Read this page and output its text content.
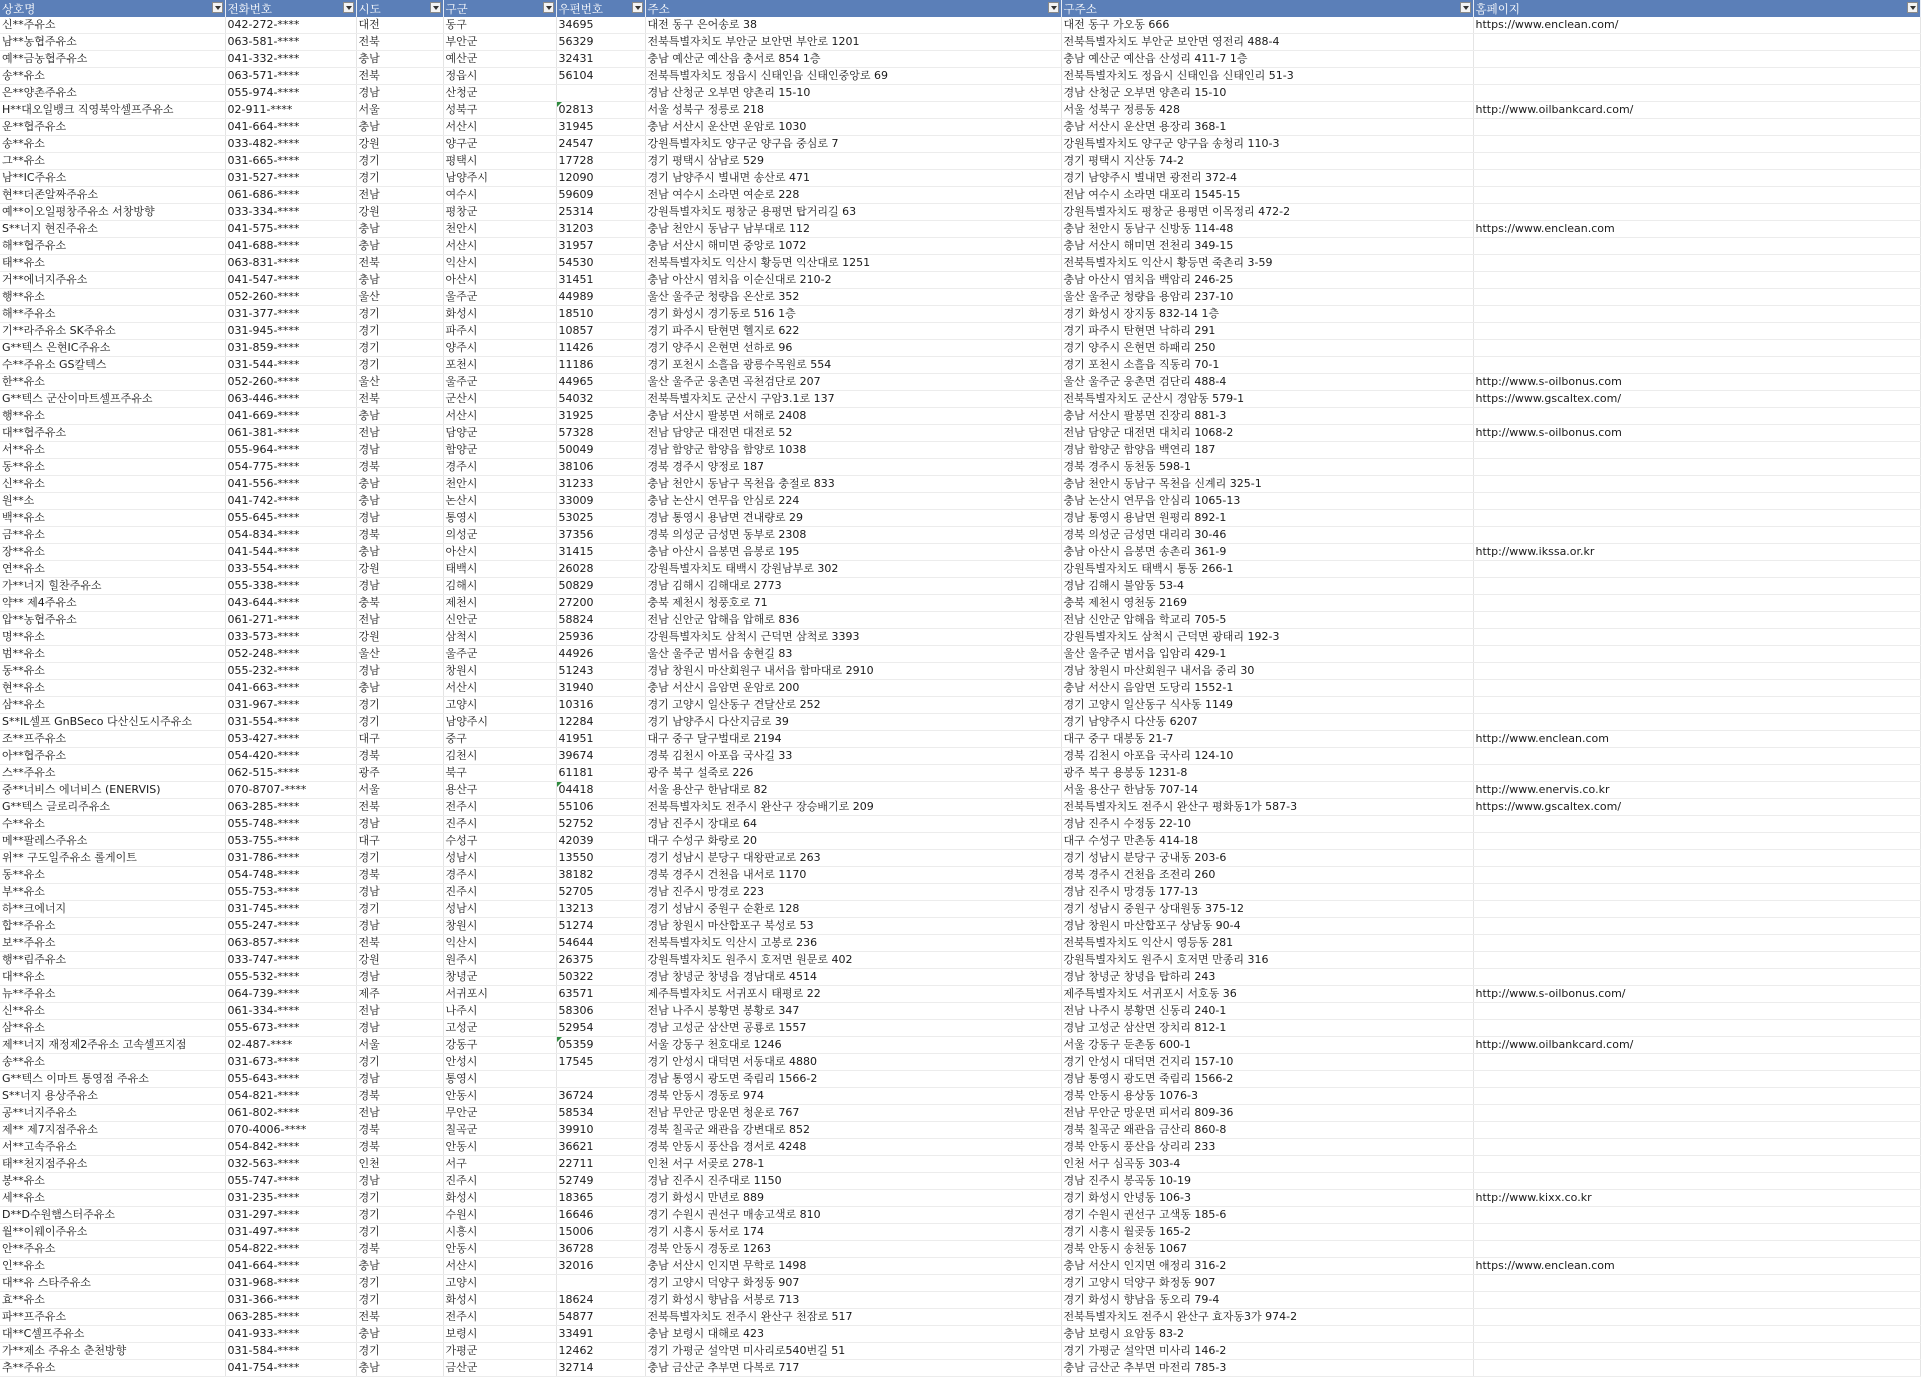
상호명	전화번호	시도	구군	우편번호	주소	구주소	홈페이지

신**주유소	042-272-****	대전	동구	34695	대전 동구 은어송로 38	대전 동구 가오동 666	https://www.enclean.com/
남**농협주유소	063-581-****	전북	부안군	56329	전북특별자치도 부안군 보안면 부안로 1201	전북특별자치도 부안군 보안면 영전리 488-4	
예**금농협주유소	041-332-****	충남	예산군	32431	충남 예산군 예산읍 충서로 854 1층	충남 예산군 예산읍 산성리 411-7 1층	
송**유소	063-571-****	전북	정읍시	56104	전북특별자치도 정읍시 신태인읍 신태인중앙로 69	전북특별자치도 정읍시 신태인읍 신태인리 51-3	
은**양촌주유소	055-974-****	경남	산청군		경남 산청군 오부면 양촌리 15-10	경남 산청군 오부면 양촌리 15-10	
H**대오일뱅크 직영북악셀프주유소	02-911-****	서울	성북구	02813	서울 성북구 정릉로 218	서울 성북구 정릉동 428	http://www.oilbankcard.com/
운**협주유소	041-664-****	충남	서산시	31945	충남 서산시 운산면 운암로 1030	충남 서산시 운산면 용장리 368-1	
송**유소	033-482-****	강원	양구군	24547	강원특별자치도 양구군 양구읍 중심로 7	강원특별자치도 양구군 양구읍 송청리 110-3	
그**유소	031-665-****	경기	평택시	17728	경기 평택시 삼남로 529	경기 평택시 지산동 74-2	
남**IC주유소	031-527-****	경기	남양주시	12090	경기 남양주시 별내면 송산로 471	경기 남양주시 별내면 광전리 372-4	
현**더존알짜주유소	061-686-****	전남	여수시	59609	전남 여수시 소라면 여순로 228	전남 여수시 소라면 대포리 1545-15	
예**이오일평창주유소 서창방향	033-334-****	강원	평창군	25314	강원특별자치도 평창군 용평면 탑거리길 63	강원특별자치도 평창군 용평면 이목정리 472-2	
S**너지 현진주유소	041-575-****	충남	천안시	31203	충남 천안시 동남구 남부대로 112	충남 천안시 동남구 신방동 114-48	https://www.enclean.com
해**협주유소	041-688-****	충남	서산시	31957	충남 서산시 해미면 중앙로 1072	충남 서산시 해미면 전천리 349-15	
태**유소	063-831-****	전북	익산시	54530	전북특별자치도 익산시 황등면 익산대로 1251	전북특별자치도 익산시 황등면 죽촌리 3-59	
거**에너지주유소	041-547-****	충남	아산시	31451	충남 아산시 염치읍 이순신대로 210-2	충남 아산시 염치읍 백암리 246-25	
행**유소	052-260-****	울산	울주군	44989	울산 울주군 청량읍 온산로 352	울산 울주군 청량읍 용암리 237-10	
해**주유소	031-377-****	경기	화성시	18510	경기 화성시 경기동로 516 1층	경기 화성시 장지동 832-14 1층	
기**라주유소 SK주유소	031-945-****	경기	파주시	10857	경기 파주시 탄현면 헬지로 622	경기 파주시 탄현면 낙하리 291	
G**텍스 은현IC주유소	031-859-****	경기	양주시	11426	경기 양주시 은현면 선하로 96	경기 양주시 은현면 하패리 250	
수**주유소 GS칼텍스	031-544-****	경기	포천시	11186	경기 포천시 소흘읍 광릉수목원로 554	경기 포천시 소흘읍 직동리 70-1	
한**유소	052-260-****	울산	울주군	44965	울산 울주군 웅촌면 곡천검단로 207	울산 울주군 웅촌면 검단리 488-4	http://www.s-oilbonus.com
G**텍스 군산이마트셀프주유소	063-446-****	전북	군산시	54032	전북특별자치도 군산시 구암3.1로 137	전북특별자치도 군산시 경암동 579-1	https://www.gscaltex.com/
행**유소	041-669-****	충남	서산시	31925	충남 서산시 팔봉면 서해로 2408	충남 서산시 팔봉면 진장리 881-3	
대**협주유소	061-381-****	전남	담양군	57328	전남 담양군 대전면 대전로 52	전남 담양군 대전면 대치리 1068-2	http://www.s-oilbonus.com
서**유소	055-964-****	경남	함양군	50049	경남 함양군 함양읍 함양로 1038	경남 함양군 함양읍 백연리 187	
동**유소	054-775-****	경북	경주시	38106	경북 경주시 양정로 187	경북 경주시 동천동 598-1	
신**유소	041-556-****	충남	천안시	31233	충남 천안시 동남구 목천읍 충절로 833	충남 천안시 동남구 목천읍 신계리 325-1	
원**소	041-742-****	충남	논산시	33009	충남 논산시 연무읍 안심로 224	충남 논산시 연무읍 안심리 1065-13	
백**유소	055-645-****	경남	통영시	53025	경남 통영시 용남면 견내량로 29	경남 통영시 용남면 원평리 892-1	
금**유소	054-834-****	경북	의성군	37356	경북 의성군 금성면 동부로 2308	경북 의성군 금성면 대리리 30-46	
장**유소	041-544-****	충남	아산시	31415	충남 아산시 음봉면 음봉로 195	충남 아산시 음봉면 송촌리 361-9	http://www.ikssa.or.kr
연**유소	033-554-****	강원	태백시	26028	강원특별자치도 태백시 강원남부로 302	강원특별자치도 태백시 통동 266-1	
가**너지 힐찬주유소	055-338-****	경남	김해시	50829	경남 김해시 김해대로 2773	경남 김해시 불암동 53-4	
약** 제4주유소	043-644-****	충북	제천시	27200	충북 제천시 청풍호로 71	충북 제천시 영천동 2169	
압**농협주유소	061-271-****	전남	신안군	58824	전남 신안군 압해읍 압해로 836	전남 신안군 압해읍 학교리 705-5	
명**유소	033-573-****	강원	삼척시	25936	강원특별자치도 삼척시 근덕면 삼척로 3393	강원특별자치도 삼척시 근덕면 광태리 192-3	
범**유소	052-248-****	울산	울주군	44926	울산 울주군 범서읍 송현길 83	울산 울주군 범서읍 입암리 429-1	
동**유소	055-232-****	경남	창원시	51243	경남 창원시 마산회원구 내서읍 함마대로 2910	경남 창원시 마산회원구 내서읍 중리 30	
현**유소	041-663-****	충남	서산시	31940	충남 서산시 음암면 운암로 200	충남 서산시 음암면 도당리 1552-1	
삼**유소	031-967-****	경기	고양시	10316	경기 고양시 일산동구 견달산로 252	경기 고양시 일산동구 식사동 1149	
S**IL셀프 GnBSeco 다산신도시주유소	031-554-****	경기	남양주시	12284	경기 남양주시 다산지금로 39	경기 남양주시 다산동 6207	
조**프주유소	053-427-****	대구	중구	41951	대구 중구 달구벌대로 2194	대구 중구 대봉동 21-7	http://www.enclean.com
아**협주유소	054-420-****	경북	김천시	39674	경북 김천시 아포읍 국사길 33	경북 김천시 아포읍 국사리 124-10	
스**주유소	062-515-****	광주	북구	61181	광주 북구 설죽로 226	광주 북구 용봉동 1231-8	
중**너비스 에너비스 (ENERVIS)	070-8707-****	서울	용산구	04418	서울 용산구 한남대로 82	서울 용산구 한남동 707-14	http://www.enervis.co.kr
G**텍스 글로리주유소	063-285-****	전북	전주시	55106	전북특별자치도 전주시 완산구 장승배기로 209	전북특별자치도 전주시 완산구 평화동1가 587-3	https://www.gscaltex.com/
수**유소	055-748-****	경남	진주시	52752	경남 진주시 장대로 64	경남 진주시 수정동 22-10	
메**팔레스주유소	053-755-****	대구	수성구	42039	대구 수성구 화랑로 20	대구 수성구 만촌동 414-18	
위** 구도일주유소 롤게이트	031-786-****	경기	성남시	13550	경기 성남시 분당구 대왕판교로 263	경기 성남시 분당구 궁내동 203-6	
동**유소	054-748-****	경북	경주시	38182	경북 경주시 건천읍 내서로 1170	경북 경주시 건천읍 조전리 260	
부**유소	055-753-****	경남	진주시	52705	경남 진주시 망경로 223	경남 진주시 망경동 177-13	
하**크에너지	031-745-****	경기	성남시	13213	경기 성남시 중원구 순환로 128	경기 성남시 중원구 상대원동 375-12	
합**주유소	055-247-****	경남	창원시	51274	경남 창원시 마산합포구 북성로 53	경남 창원시 마산합포구 상남동 90-4	
보**주유소	063-857-****	전북	익산시	54644	전북특별자치도 익산시 고봉로 236	전북특별자치도 익산시 영등동 281	
행**림주유소	033-747-****	강원	원주시	26375	강원특별자치도 원주시 호저면 원문로 402	강원특별자치도 원주시 호저면 만종리 316	
대**유소	055-532-****	경남	창녕군	50322	경남 창녕군 창녕읍 경남대로 4514	경남 창녕군 창녕읍 탑하리 243	
뉴**주유소	064-739-****	제주	서귀포시	63571	제주특별자치도 서귀포시 태평로 22	제주특별자치도 서귀포시 서호동 36	http://www.s-oilbonus.com/
신**유소	061-334-****	전남	나주시	58306	전남 나주시 봉황면 봉황로 347	전남 나주시 봉황면 신동리 240-1	
삼**유소	055-673-****	경남	고성군	52954	경남 고성군 삼산면 공룡로 1557	경남 고성군 삼산면 장치리 812-1	
제**너지 재정제2주유소 고속셀프지점	02-487-****	서울	강동구	05359	서울 강동구 천호대로 1246	서울 강동구 둔촌동 600-1	http://www.oilbankcard.com/
송**유소	031-673-****	경기	안성시	17545	경기 안성시 대덕면 서동대로 4880	경기 안성시 대덕면 건지리 157-10	
G**텍스 이마트 통영점 주유소	055-643-****	경남	통영시		경남 통영시 광도면 죽림리 1566-2	경남 통영시 광도면 죽림리 1566-2	
S**너지 용상주유소	054-821-****	경북	안동시	36724	경북 안동시 경동로 974	경북 안동시 용상동 1076-3	
공**너지주유소	061-802-****	전남	무안군	58534	전남 무안군 망운면 청운로 767	전남 무안군 망운면 피서리 809-36	
제** 제7지점주유소	070-4006-****	경북	칠곡군	39910	경북 칠곡군 왜관읍 강변대로 852	경북 칠곡군 왜관읍 금산리 860-8	
서**고속주유소	054-842-****	경북	안동시	36621	경북 안동시 풍산읍 경서로 4248	경북 안동시 풍산읍 상리리 233	
태**천지점주유소	032-563-****	인천	서구	22711	인천 서구 서곶로 278-1	인천 서구 심곡동 303-4	
봉**유소	055-747-****	경남	진주시	52749	경남 진주시 진주대로 1150	경남 진주시 봉곡동 10-19	
세**유소	031-235-****	경기	화성시	18365	경기 화성시 만년로 889	경기 화성시 안녕동 106-3	http://www.kixx.co.kr
D**D수원햄스터주유소	031-297-****	경기	수원시	16646	경기 수원시 권선구 매송고색로 810	경기 수원시 권선구 고색동 185-6	
월**이웨이주유소	031-497-****	경기	시흥시	15006	경기 시흥시 동서로 174	경기 시흥시 월곶동 165-2	
안**주유소	054-822-****	경북	안동시	36728	경북 안동시 경동로 1263	경북 안동시 송천동 1067	
인**유소	041-664-****	충남	서산시	32016	충남 서산시 인지면 무학로 1498	충남 서산시 인지면 애정리 316-2	https://www.enclean.com
대**유 스타주유소	031-968-****	경기	고양시		경기 고양시 덕양구 화정동 907	경기 고양시 덕양구 화정동 907	
효**유소	031-366-****	경기	화성시	18624	경기 화성시 향남읍 서봉로 713	경기 화성시 향남읍 동오리 79-4	
파**프주유소	063-285-****	전북	전주시	54877	전북특별자치도 전주시 완산구 천잠로 517	전북특별자치도 전주시 완산구 효자동3가 974-2	
대**C셀프주유소	041-933-****	충남	보령시	33491	충남 보령시 대해로 423	충남 보령시 요암동 83-2	
가**제소 주유소 춘천방향	031-584-****	경기	가평군	12462	경기 가평군 설악면 미사리로540번길 51	경기 가평군 설악면 미사리 146-2	
추**주유소	041-754-****	충남	금산군	32714	충남 금산군 추부면 다복로 717	충남 금산군 추부면 마전리 785-3	
